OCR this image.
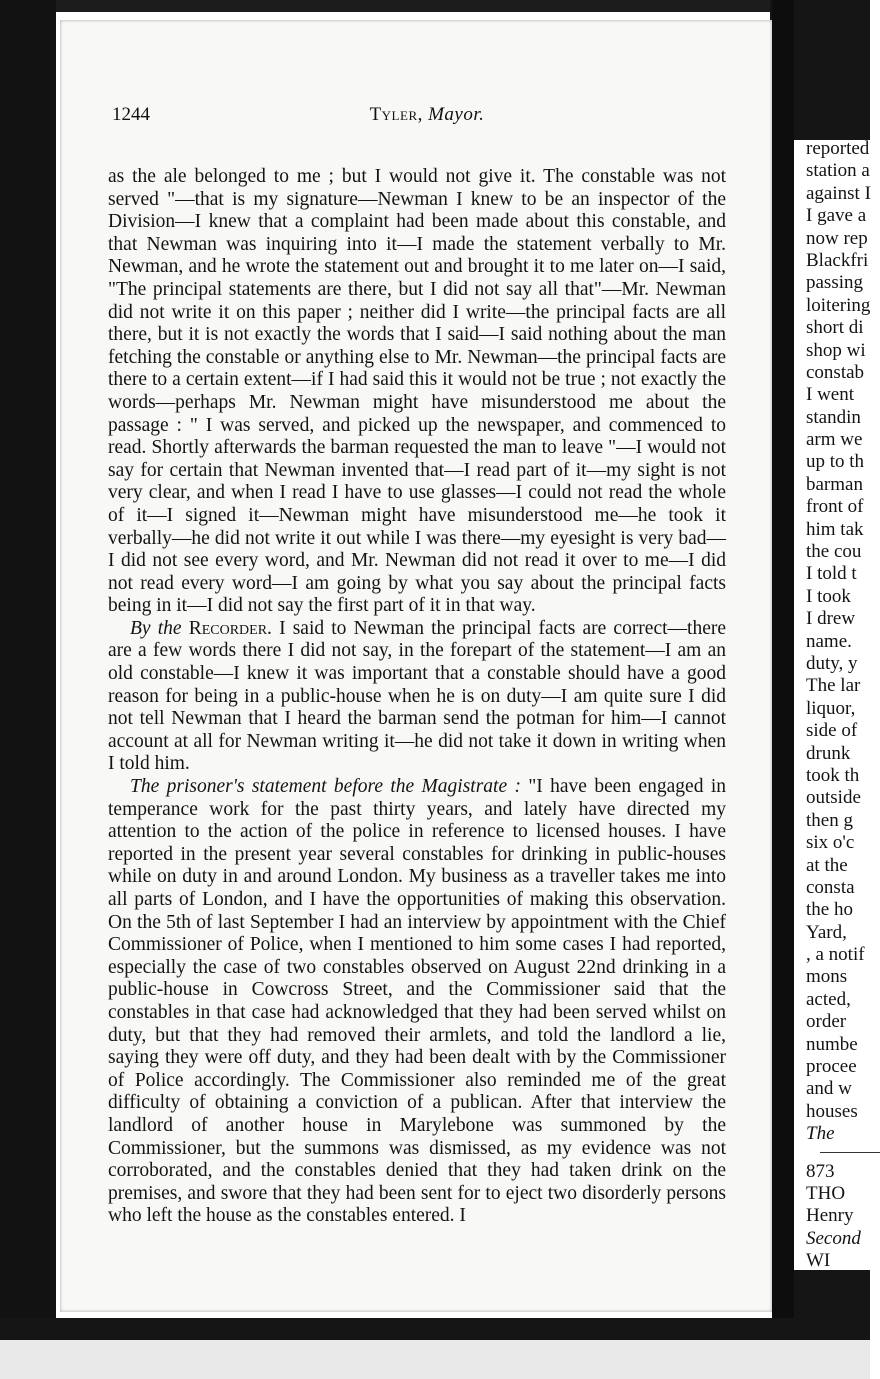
1244	Tyler, Mayor.

as the ale belonged to me ; but I would not give it. The constable was not served "—that is my signature—Newman I knew to be an inspector of the Division—I knew that a complaint had been made about this constable, and that Newman was inquiring into it—I made the statement verbally to Mr. Newman, and he wrote the statement out and brought it to me later on—I said, "The principal statements are there, but I did not say all that"—Mr. Newman did not write it on this paper ; neither did I write—the principal facts are all there, but it is not exactly the words that I said—I said nothing about the man fetching the constable or anything else to Mr. Newman—the principal facts are there to a certain extent—if I had said this it would not be true ; not exactly the words—perhaps Mr. Newman might have misunderstood me about the passage : " I was served, and picked up the newspaper, and commenced to read. Shortly afterwards the barman requested the man to leave "—I would not say for certain that Newman invented that—I read part of it—my sight is not very clear, and when I read I have to use glasses—I could not read the whole of it—I signed it—Newman might have misunderstood me—he took it verbally—he did not write it out while I was there—my eyesight is very bad—I did not see every word, and Mr. Newman did not read it over to me—I did not read every word—I am going by what you say about the principal facts being in it—I did not say the first part of it in that way.

By the Recorder. I said to Newman the principal facts are correct—there are a few words there I did not say, in the forepart of the statement—I am an old constable—I knew it was important that a constable should have a good reason for being in a public-house when he is on duty—I am quite sure I did not tell Newman that I heard the barman send the potman for him—I cannot account at all for Newman writing it—he did not take it down in writing when I told him.

The prisoner's statement before the Magistrate : "I have been engaged in temperance work for the past thirty years, and lately have directed my attention to the action of the police in reference to licensed houses. I have reported in the present year several constables for drinking in public-houses while on duty in and around London. My business as a traveller takes me into all parts of London, and I have the opportunities of making this observation. On the 5th of last September I had an interview by appointment with the Chief Commissioner of Police, when I mentioned to him some cases I had reported, especially the case of two constables observed on August 22nd drinking in a public-house in Cowcross Street, and the Commissioner said that the constables in that case had acknowledged that they had been served whilst on duty, but that they had removed their armlets, and told the landlord a lie, saying they were off duty, and they had been dealt with by the Commissioner of Police accordingly. The Commissioner also reminded me of the great difficulty of obtaining a conviction of a publican. After that interview the landlord of another house in Marylebone was summoned by the Commissioner, but the summons was dismissed, as my evidence was not corroborated, and the constables denied that they had taken drink on the premises, and swore that they had been sent for to eject two disorderly persons who left the house as the constables entered. I

reported
station a
against I
I gave a
now rep
Blackfri
passing
loitering
short di
shop wi
constab
I went
standin
arm we
up to th
barman
front of
him tak
the cou
I told t
I took
I drew
name.
duty, y
The lar
liquor,
side of
drunk
took th
outside
then g
six o'c
at the
consta
the ho
Yard,
, a notif
mons
acted,
order
numbe
procee
and w
houses
The
873
THO
Henry
Second
WI
